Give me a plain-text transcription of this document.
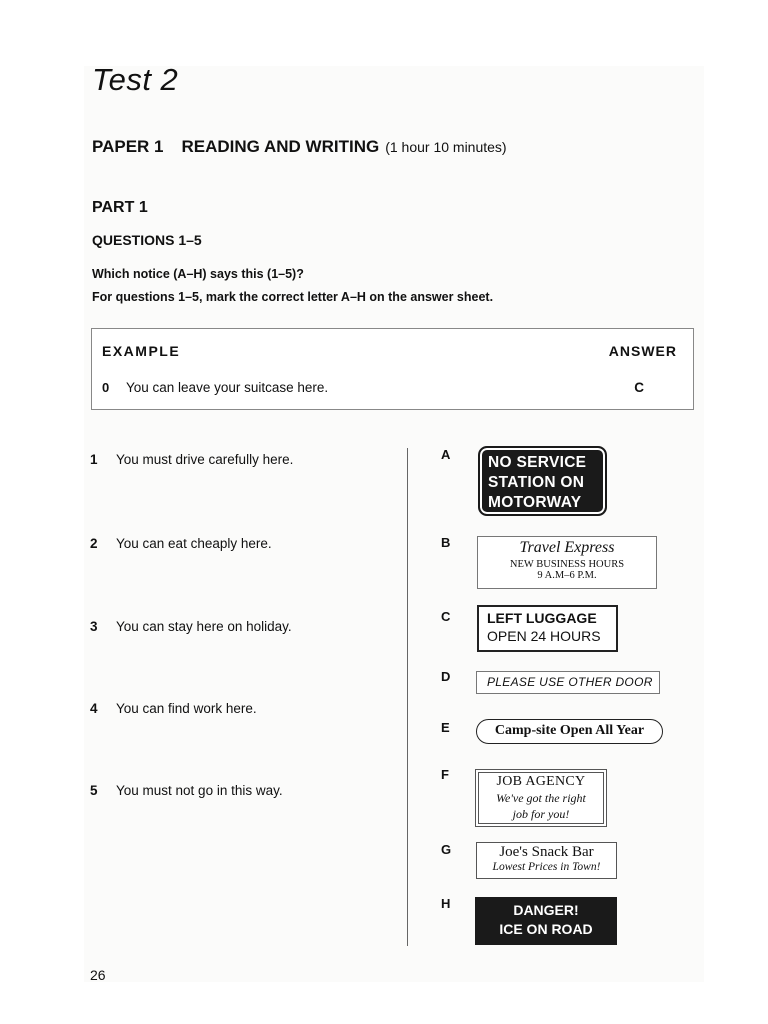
Test 2
PAPER 1 READING AND WRITING (1 hour 10 minutes)
PART 1
QUESTIONS 1–5
Which notice (A–H) says this (1–5)?
For questions 1–5, mark the correct letter A–H on the answer sheet.
EXAMPLE	ANSWER
0 You can leave your suitcase here.	C
1 You must drive carefully here.
2 You can eat cheaply here.
3 You can stay here on holiday.
4 You can find work here.
5 You must not go in this way.
A
B
C
D
E
F
G
H
NO SERVICE
STATION ON
MOTORWAY
Travel Express
NEW BUSINESS HOURS
9 A.M–6 P.M.
LEFT LUGGAGE
OPEN 24 HOURS
PLEASE USE OTHER DOOR
Camp-site Open All Year
JOB AGENCY
We've got the right
job for you!
Joe's Snack Bar
Lowest Prices in Town!
DANGER!
ICE ON ROAD
26
